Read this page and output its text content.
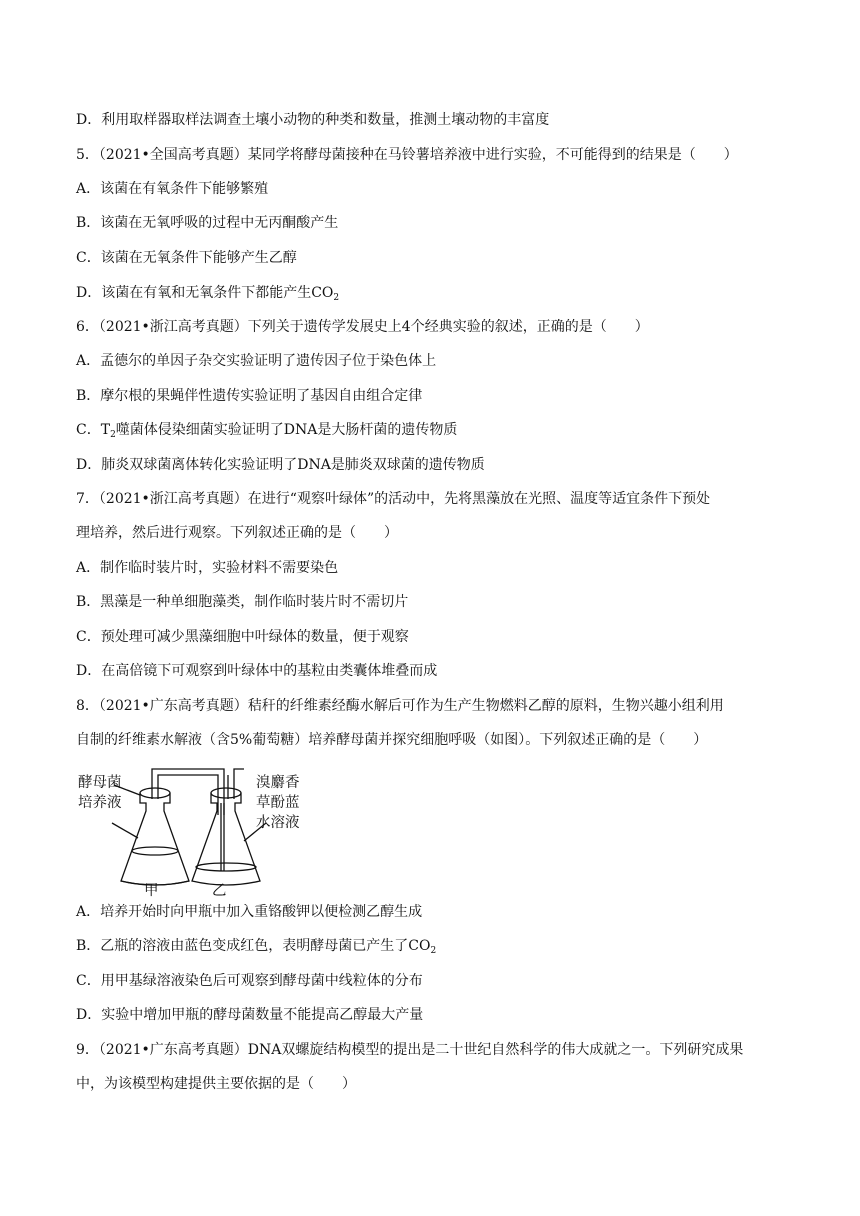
D．利用取样器取样法调查土壤小动物的种类和数量，推测土壤动物的丰富度
5．（2021•全国高考真题）某同学将酵母菌接种在马铃薯培养液中进行实验，不可能得到的结果是（　　）
A．该菌在有氧条件下能够繁殖
B．该菌在无氧呼吸的过程中无丙酮酸产生
C．该菌在无氧条件下能够产生乙醇
D．该菌在有氧和无氧条件下都能产生$CO_2$
6．（2021•浙江高考真题）下列关于遗传学发展史上4个经典实验的叙述，正确的是（　　）
A．孟德尔的单因子杂交实验证明了遗传因子位于染色体上
B．摩尔根的果蝇伴性遗传实验证明了基因自由组合定律
C．$T_2$噬菌体侵染细菌实验证明了DNA是大肠杆菌的遗传物质
D．肺炎双球菌离体转化实验证明了DNA是肺炎双球菌的遗传物质
7．（2021•浙江高考真题）在进行“观察叶绿体”的活动中，先将黑藻放在光照、温度等适宜条件下预处
理培养，然后进行观察。下列叙述正确的是（　　）
A．制作临时装片时，实验材料不需要染色
B．黑藻是一种单细胞藻类，制作临时装片时不需切片
C．预处理可减少黑藻细胞中叶绿体的数量，便于观察
D．在高倍镜下可观察到叶绿体中的基粒由类囊体堆叠而成
8．（2021•广东高考真题）秸秆的纤维素经酶水解后可作为生产生物燃料乙醇的原料，生物兴趣小组利用
自制的纤维素水解液（含5%葡萄糖）培养酵母菌并探究细胞呼吸（如图）。下列叙述正确的是（　　）
酵母菌
培养液
溴麝香
草酚蓝
水溶液
甲	乙
A．培养开始时向甲瓶中加入重铬酸钾以便检测乙醇生成
B．乙瓶的溶液由蓝色变成红色，表明酵母菌已产生了$CO_2$
C．用甲基绿溶液染色后可观察到酵母菌中线粒体的分布
D．实验中增加甲瓶的酵母菌数量不能提高乙醇最大产量
9．（2021•广东高考真题）DNA双螺旋结构模型的提出是二十世纪自然科学的伟大成就之一。下列研究成果
中，为该模型构建提供主要依据的是（　　）
